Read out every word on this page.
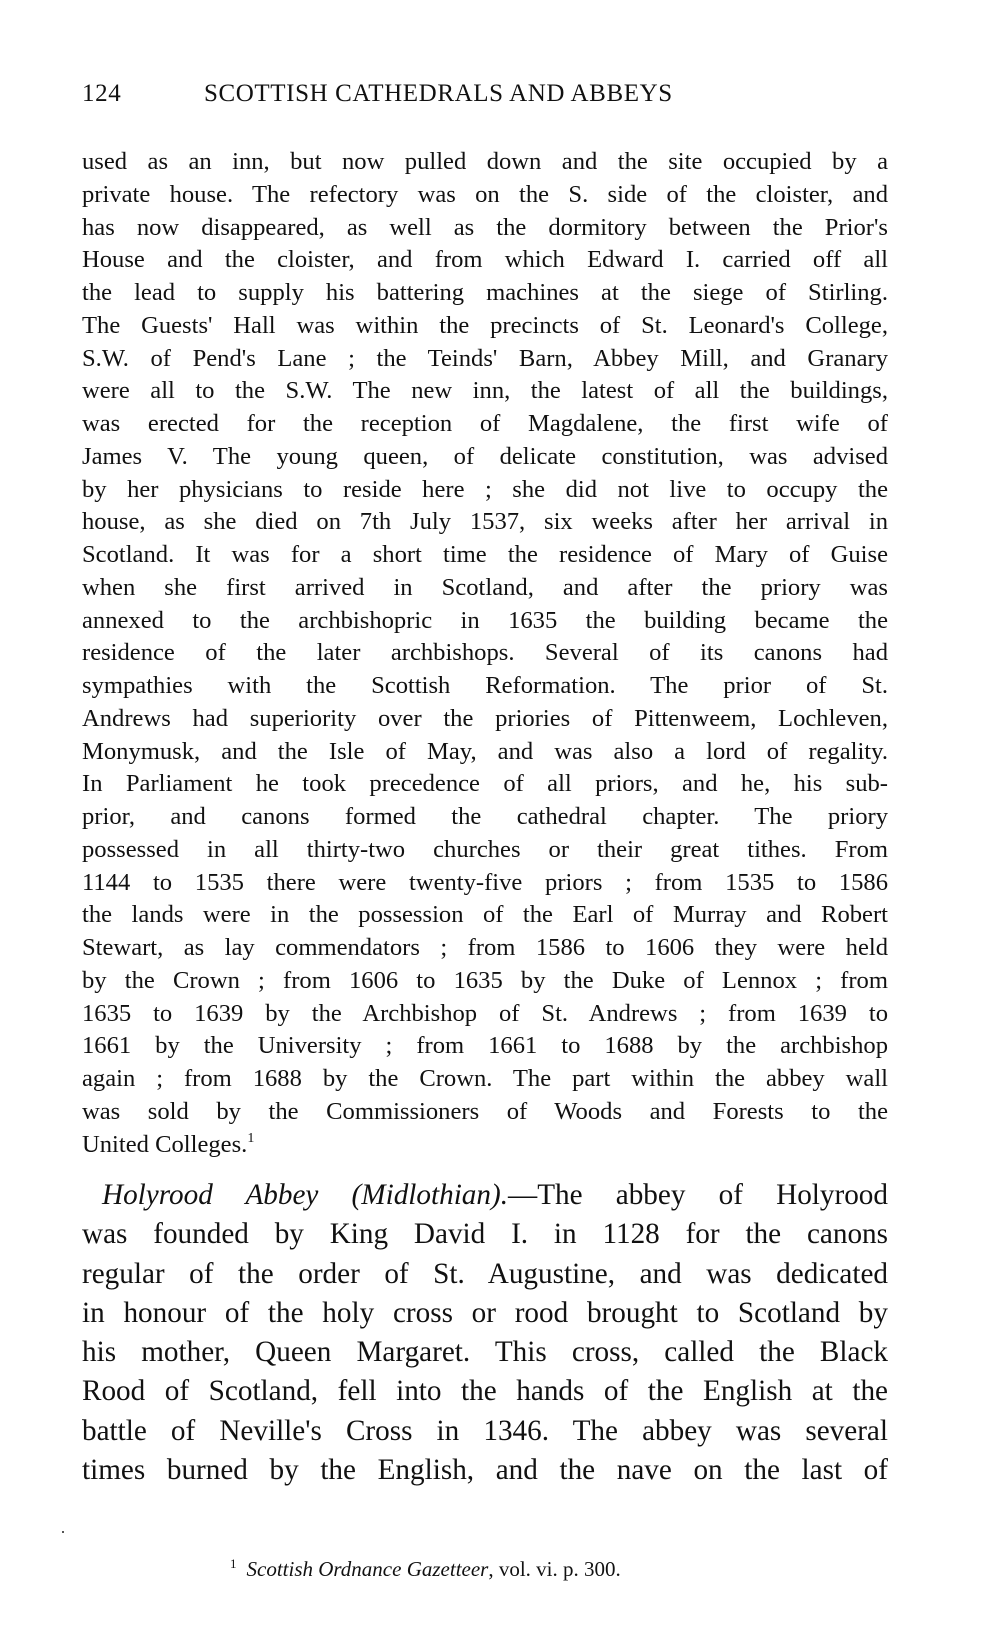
124	SCOTTISH CATHEDRALS AND ABBEYS
used as an inn, but now pulled down and the site occupied by a
private house. The refectory was on the S. side of the cloister, and
has now disappeared, as well as the dormitory between the Prior's
House and the cloister, and from which Edward I. carried off all
the lead to supply his battering machines at the siege of Stirling.
The Guests' Hall was within the precincts of St. Leonard's College,
S.W. of Pend's Lane ; the Teinds' Barn, Abbey Mill, and Granary
were all to the S.W. The new inn, the latest of all the buildings,
was erected for the reception of Magdalene, the first wife of
James V. The young queen, of delicate constitution, was advised
by her physicians to reside here ; she did not live to occupy the
house, as she died on 7th July 1537, six weeks after her arrival in
Scotland. It was for a short time the residence of Mary of Guise
when she first arrived in Scotland, and after the priory was
annexed to the archbishopric in 1635 the building became the
residence of the later archbishops. Several of its canons had
sympathies with the Scottish Reformation. The prior of St.
Andrews had superiority over the priories of Pittenweem, Lochleven,
Monymusk, and the Isle of May, and was also a lord of regality.
In Parliament he took precedence of all priors, and he, his sub-
prior, and canons formed the cathedral chapter. The priory
possessed in all thirty-two churches or their great tithes. From
1144 to 1535 there were twenty-five priors ; from 1535 to 1586
the lands were in the possession of the Earl of Murray and Robert
Stewart, as lay commendators ; from 1586 to 1606 they were held
by the Crown ; from 1606 to 1635 by the Duke of Lennox ; from
1635 to 1639 by the Archbishop of St. Andrews ; from 1639 to
1661 by the University ; from 1661 to 1688 by the archbishop
again ; from 1688 by the Crown. The part within the abbey wall
was sold by the Commissioners of Woods and Forests to the
United Colleges.$^1$
Holyrood Abbey (Midlothian).—The abbey of Holyrood
was founded by King David I. in 1128 for the canons
regular of the order of St. Augustine, and was dedicated
in honour of the holy cross or rood brought to Scotland by
his mother, Queen Margaret. This cross, called the Black
Rood of Scotland, fell into the hands of the English at the
battle of Neville's Cross in 1346. The abbey was several
times burned by the English, and the nave on the last of
$^1$ Scottish Ordnance Gazetteer, vol. vi. p. 300.
